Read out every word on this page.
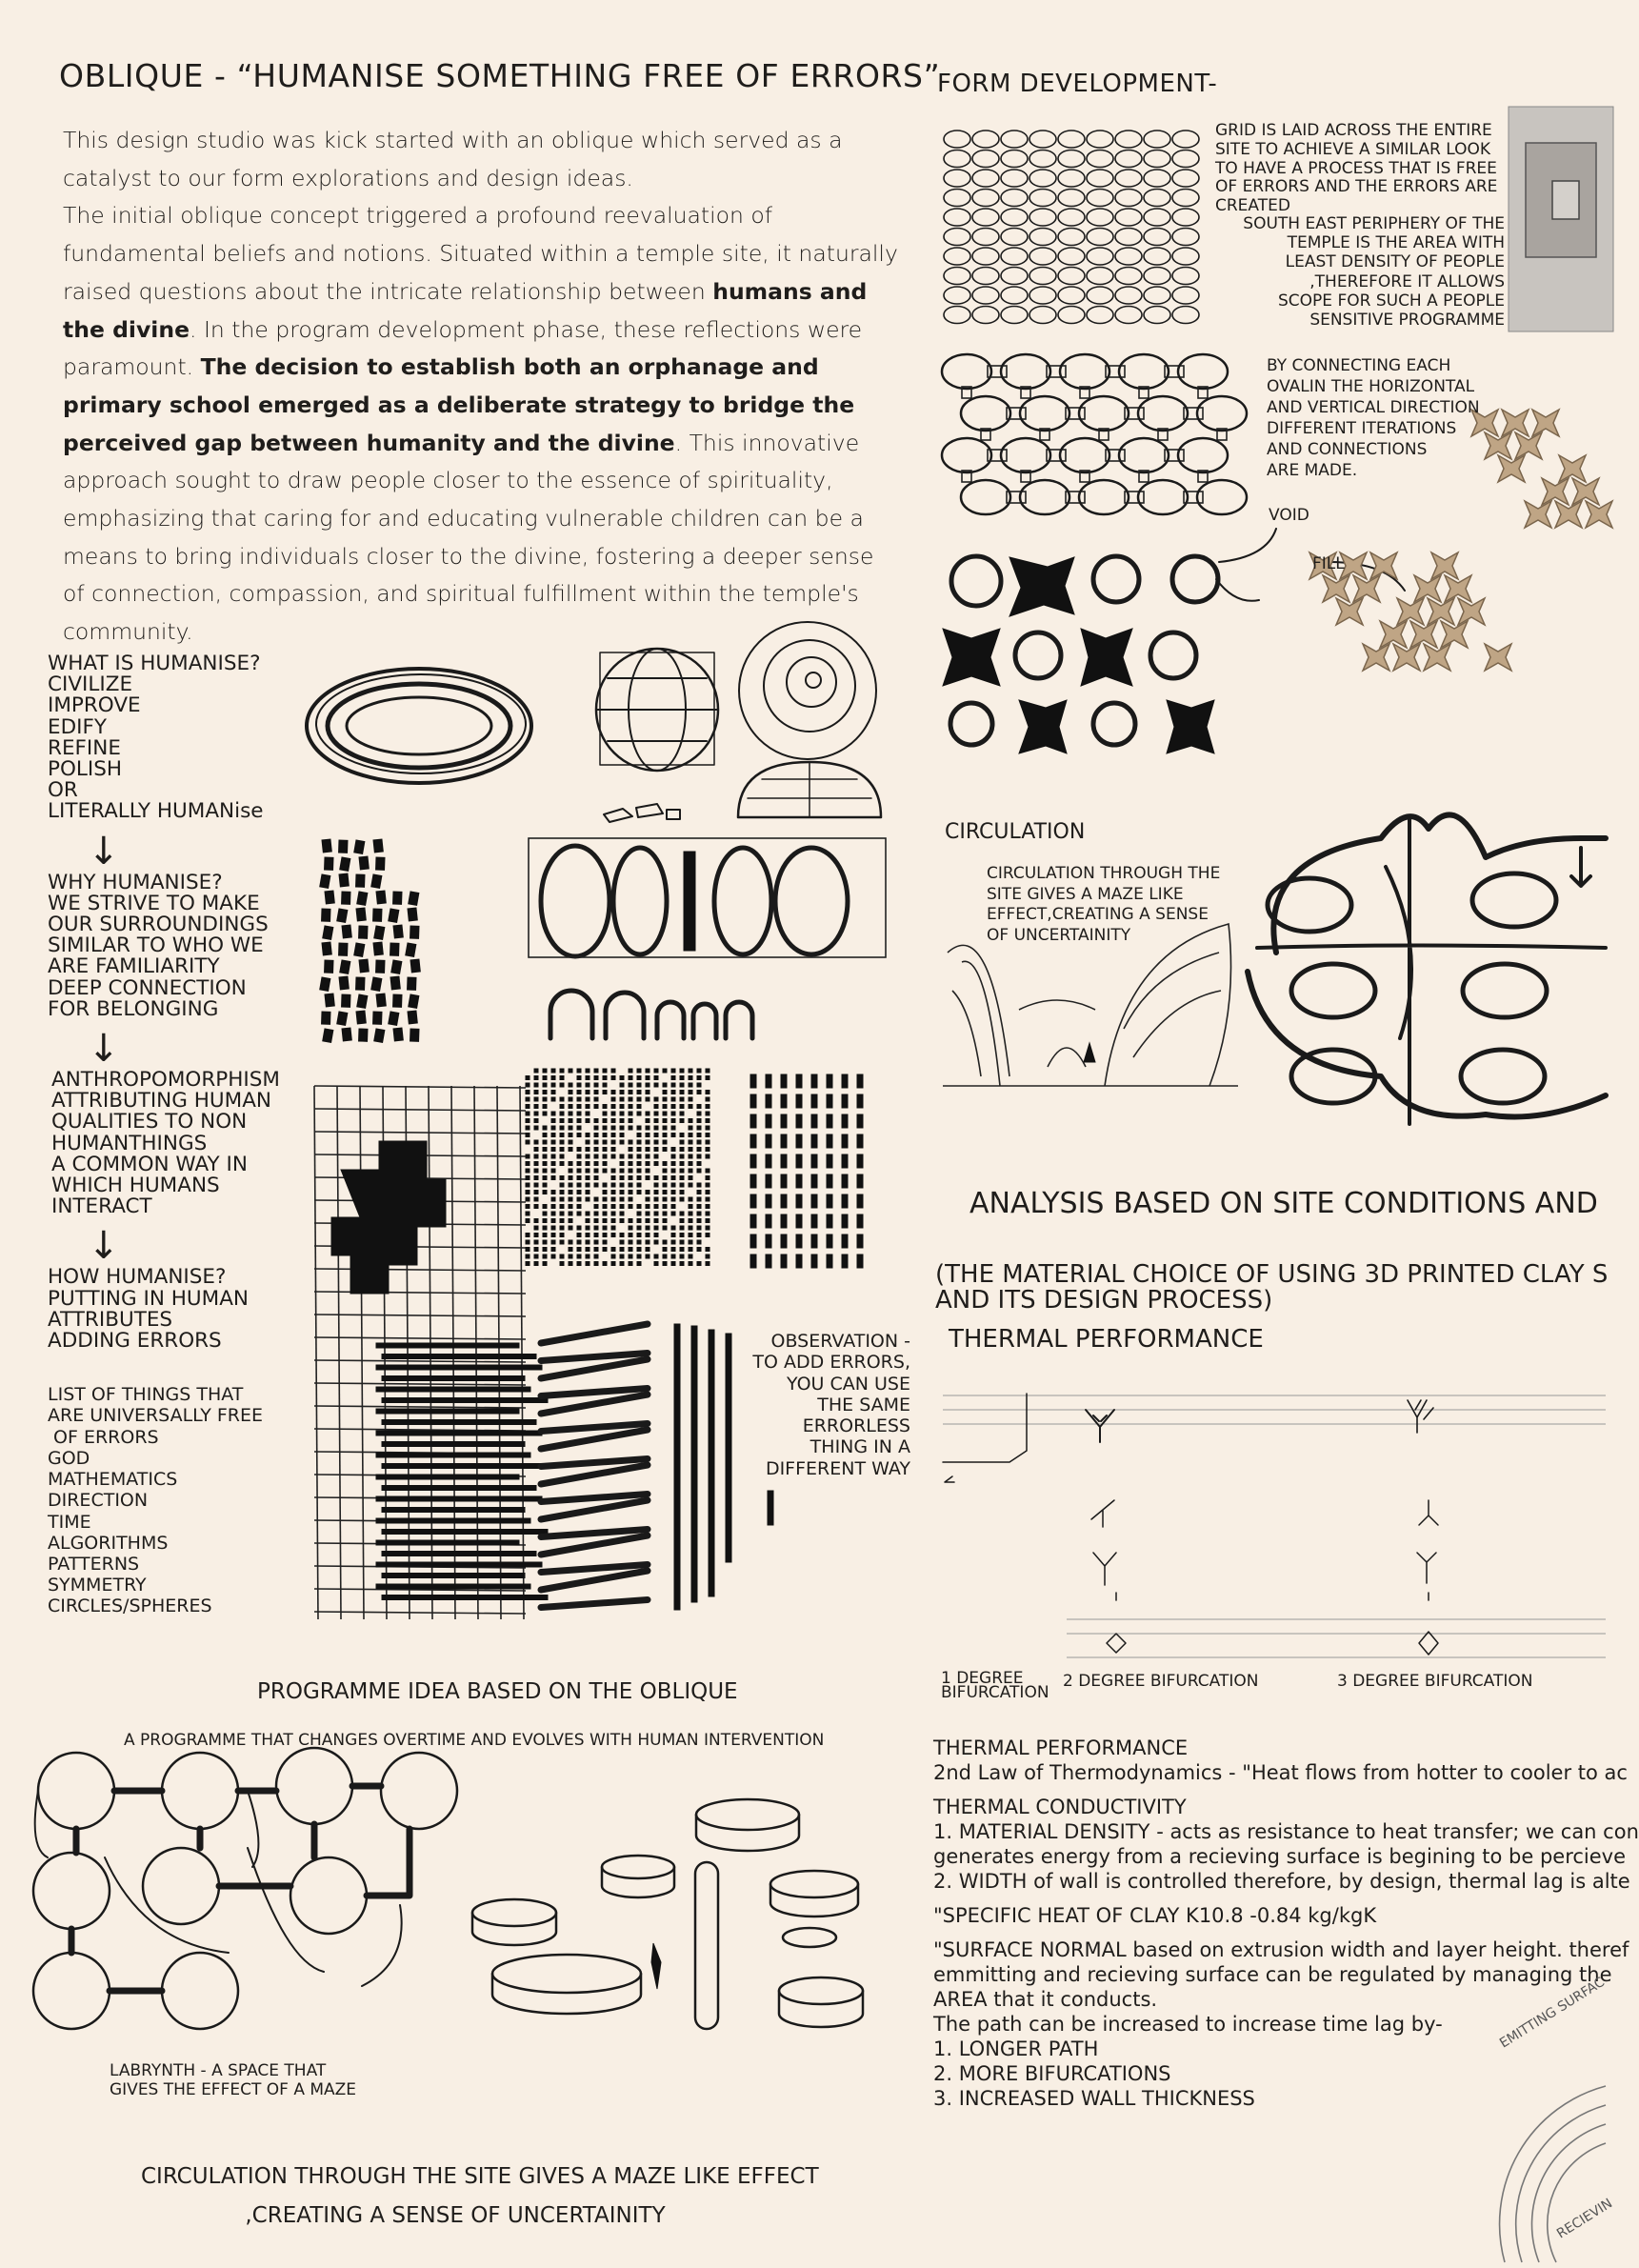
OBLIQUE - “HUMANISE SOMETHING FREE OF ERRORS”
This design studio was kick started with an oblique which served as a catalyst to our form explorations and design ideas.
The initial oblique concept triggered a profound reevaluation of fundamental beliefs and notions. Situated within a temple site, it naturally raised questions about the intricate relationship between humans and the divine. In the program development phase, these reflections were paramount. The decision to establish both an orphanage and primary school emerged as a deliberate strategy to bridge the perceived gap between humanity and the divine. This innovative approach sought to draw people closer to the essence of spirituality, emphasizing that caring for and educating vulnerable children can be a means to bring individuals closer to the divine, fostering a deeper sense of connection, compassion, and spiritual fulfillment within the temple's community.
WHAT IS HUMANISE?
CIVILIZE
IMPROVE
EDIFY
REFINE
POLISH
OR
LITERALLY HUMANise
↓
WHY HUMANISE?
WE STRIVE TO MAKE
OUR SURROUNDINGS
SIMILAR TO WHO WE
ARE FAMILIARITY
DEEP CONNECTION
FOR BELONGING
↓
ANTHROPOMORPHISM
ATTRIBUTING HUMAN
QUALITIES TO NON
HUMANTHINGS
A COMMON WAY IN
WHICH HUMANS
INTERACT
↓
HOW HUMANISE?
PUTTING IN HUMAN
ATTRIBUTES
ADDING ERRORS
LIST OF THINGS THAT
ARE UNIVERSALLY FREE
OF ERRORS
GOD
MATHEMATICS
DIRECTION
TIME
ALGORITHMS
PATTERNS
SYMMETRY
CIRCLES/SPHERES
OBSERVATION -
TO ADD ERRORS,
YOU CAN USE
THE SAME
ERRORLESS
THING IN A
DIFFERENT WAY
PROGRAMME IDEA BASED ON THE OBLIQUE
A PROGRAMME THAT CHANGES OVERTIME AND EVOLVES WITH HUMAN INTERVENTION
LABRYNTH - A SPACE THAT
GIVES THE EFFECT OF A MAZE
CIRCULATION THROUGH THE SITE GIVES A MAZE LIKE EFFECT
,CREATING A SENSE OF UNCERTAINITY
FORM DEVELOPMENT-
GRID IS LAID ACROSS THE ENTIRE
SITE TO ACHIEVE A SIMILAR LOOK
TO HAVE A PROCESS THAT IS FREE
OF ERRORS AND THE ERRORS ARE
CREATED
SOUTH EAST PERIPHERY OF THE
TEMPLE IS THE AREA WITH
LEAST DENSITY OF PEOPLE
,THEREFORE IT ALLOWS
SCOPE FOR SUCH A PEOPLE
SENSITIVE PROGRAMME
BY CONNECTING EACH
OVALIN THE HORIZONTAL
AND VERTICAL DIRECTION
DIFFERENT ITERATIONS
AND CONNECTIONS
ARE MADE.
VOID
FILL
CIRCULATION
CIRCULATION THROUGH THE
SITE GIVES A MAZE LIKE
EFFECT,CREATING A SENSE
OF UNCERTAINITY
ANALYSIS BASED ON SITE CONDITIONS AND
(THE MATERIAL CHOICE OF USING 3D PRINTED CLAY S
AND ITS DESIGN PROCESS)
THERMAL PERFORMANCE
1 DEGREE
BIFURCATION
2 DEGREE BIFURCATION	3 DEGREE BIFURCATION

THERMAL PERFORMANCE

2nd Law of Thermodynamics - "Heat flows from hotter to cooler to ac

THERMAL CONDUCTIVITY

1. MATERIAL DENSITY - acts as resistance to heat transfer; we can con

generates energy from a recieving surface is begining to be percieve

2. WIDTH of wall is controlled therefore, by design, thermal lag is alte

"SPECIFIC HEAT OF CLAY K10.8 -0.84 kg/kgK

"SURFACE NORMAL based on extrusion width and layer height. theref

emmitting and recieving surface can be regulated by managing the

AREA that it conducts.

The path can be increased to increase time lag by-

1. LONGER PATH

2. MORE BIFURCATIONS

3. INCREASED WALL THICKNESS

EMITTING SURFAC
RECIEVIN
